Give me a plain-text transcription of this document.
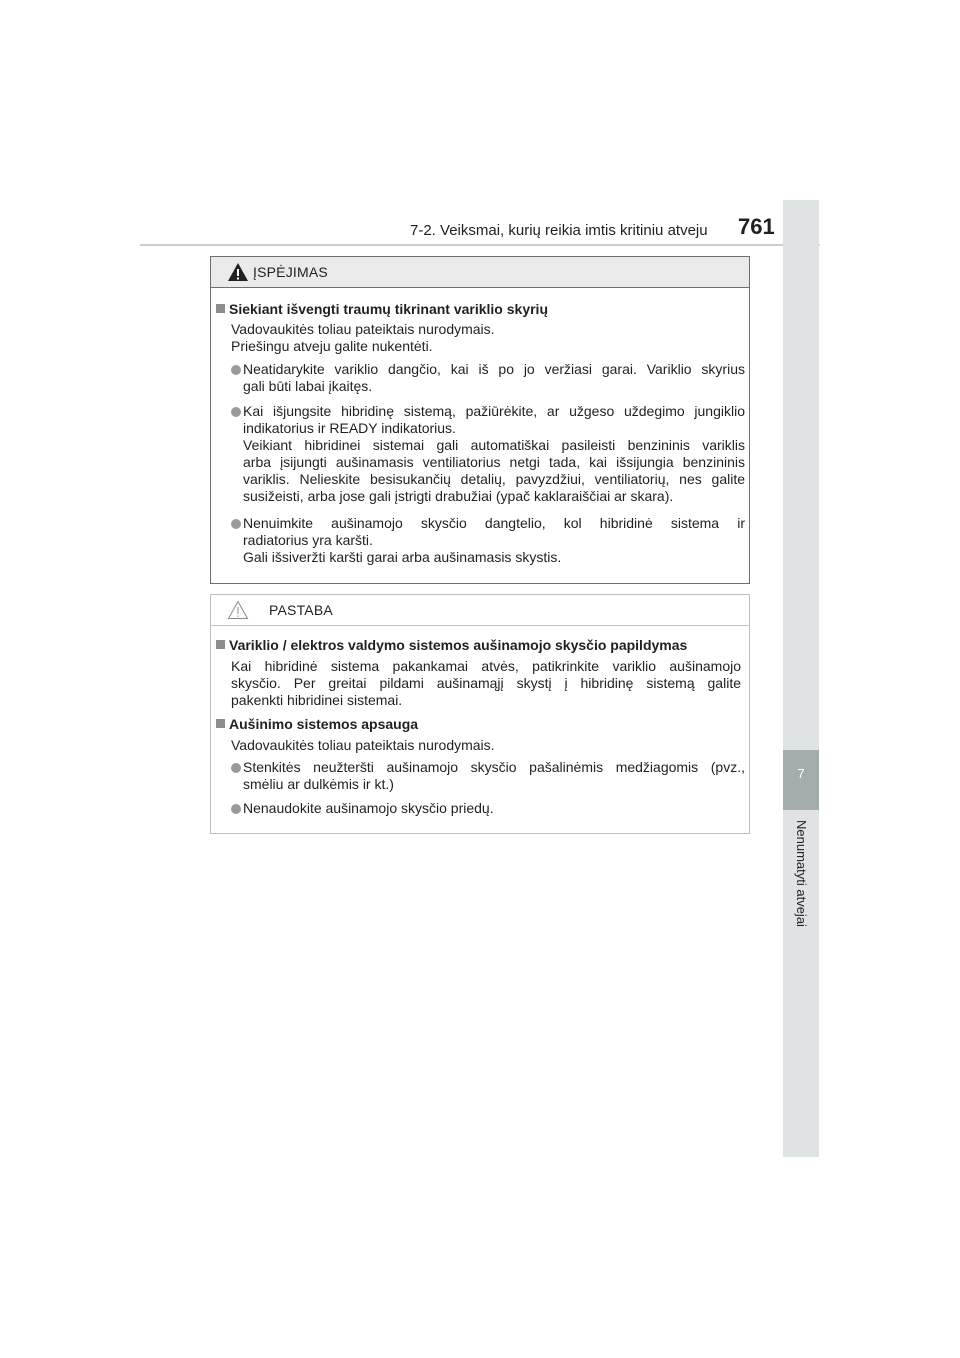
7-2. Veiksmai, kurių reikia imtis kritiniu atveju 761
7
Nenumatyti atvejai
ĮSPĖJIMAS
Siekiant išvengti traumų tikrinant variklio skyrių
Vadovaukitės toliau pateiktais nurodymais.
Priešingu atveju galite nukentėti.
Neatidarykite variklio dangčio, kai iš po jo veržiasi garai. Variklio skyrius
gali būti labai įkaitęs.
Kai išjungsite hibridinę sistemą, pažiūrėkite, ar užgeso uždegimo jungiklio
indikatorius ir READY indikatorius.
Veikiant hibridinei sistemai gali automatiškai pasileisti benzininis variklis
arba įsijungti aušinamasis ventiliatorius netgi tada, kai išsijungia benzininis
variklis. Nelieskite besisukančių detalių, pavyzdžiui, ventiliatorių, nes galite
susižeisti, arba jose gali įstrigti drabužiai (ypač kaklaraiščiai ar skara).
Nenuimkite aušinamojo skysčio dangtelio, kol hibridinė sistema ir
radiatorius yra karšti.
Gali išsiveržti karšti garai arba aušinamasis skystis.
PASTABA
Variklio / elektros valdymo sistemos aušinamojo skysčio papildymas
Kai hibridinė sistema pakankamai atvės, patikrinkite variklio aušinamojo
skysčio. Per greitai pildami aušinamąjį skystį į hibridinę sistemą galite
pakenkti hibridinei sistemai.
Aušinimo sistemos apsauga
Vadovaukitės toliau pateiktais nurodymais.
Stenkitės neužteršti aušinamojo skysčio pašalinėmis medžiagomis (pvz.,
smėliu ar dulkėmis ir kt.)
Nenaudokite aušinamojo skysčio priedų.
